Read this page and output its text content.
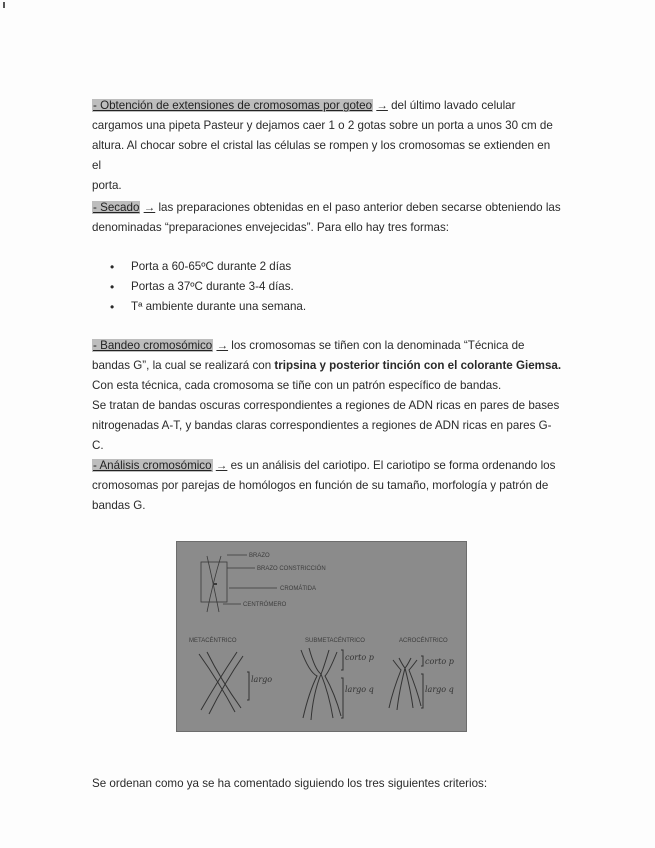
- Obtención de extensiones de cromosomas por goteo → del último lavado celular
cargamos una pipeta Pasteur y dejamos caer 1 o 2 gotas sobre un porta a unos 30 cm de
altura. Al chocar sobre el cristal las células se rompen y los cromosomas se extienden en el
porta.

- Secado → las preparaciones obtenidas en el paso anterior deben secarse obteniendo las
denominadas “preparaciones envejecidas”. Para ello hay tres formas:

• Porta a 60-65ºC durante 2 días
• Portas a 37ºC durante 3-4 días.
• Tª ambiente durante una semana.

- Bandeo cromosómico → los cromosomas se tiñen con la denominada “Técnica de
bandas G”, la cual se realizará con tripsina y posterior tinción con el colorante Giemsa.
Con esta técnica, cada cromosoma se tiñe con un patrón específico de bandas.
Se tratan de bandas oscuras correspondientes a regiones de ADN ricas en pares de bases
nitrogenadas A-T, y bandas claras correspondientes a regiones de ADN ricas en pares G-C.

- Análisis cromosómico → es un análisis del cariotipo. El cariotipo se forma ordenando los
cromosomas por parejas de homólogos en función de su tamaño, morfología y patrón de
bandas G.

BRAZO
BRAZO CONSTRICCIÓN
CROMÁTIDA
CENTRÓMERO
METACÉNTRICO	SUBMETACÉNTRICO	ACROCÉNTRICO
largo
corto p
largo q
corto p
largo q

Se ordenan como ya se ha comentado siguiendo los tres siguientes criterios:
